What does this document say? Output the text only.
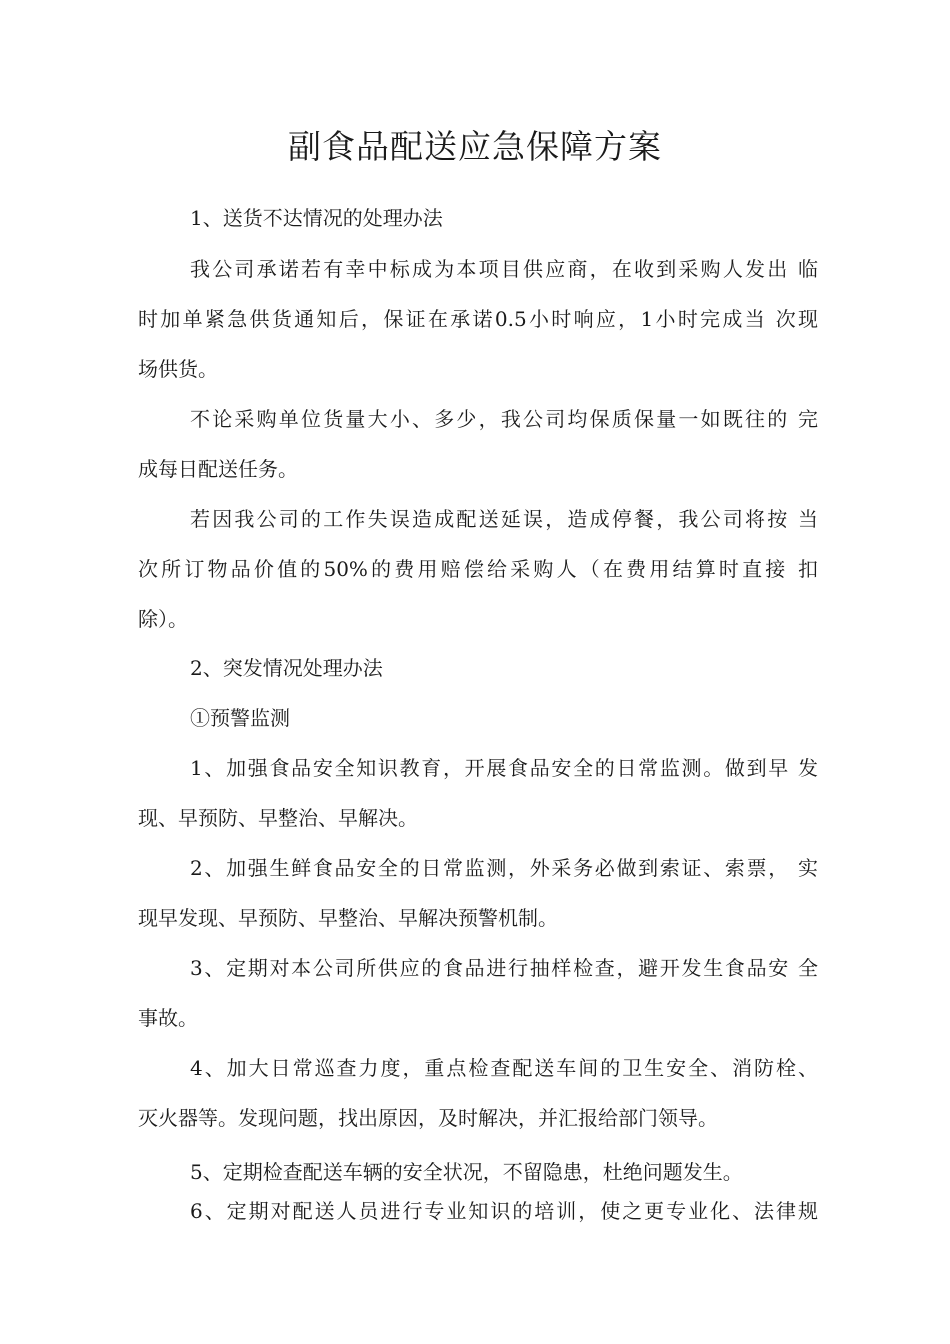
副食品配送应急保障方案
1、送货不达情况的处理办法
我公司承诺若有幸中标成为本项目供应商，在收到采购人发出 临
时加单紧急供货通知后，保证在承诺0.5小时响应，1小时完成当 次现
场供货。
不论采购单位货量大小、多少，我公司均保质保量一如既往的 完
成每日配送任务。
若因我公司的工作失误造成配送延误，造成停餐，我公司将按 当
次所订物品价值的50%的费用赔偿给采购人（在费用结算时直接 扣
除）。
2、突发情况处理办法
①预警监测
1、加强食品安全知识教育，开展食品安全的日常监测。做到早 发
现、早预防、早整治、早解决。
2、加强生鲜食品安全的日常监测，外采务必做到索证、索票， 实
现早发现、早预防、早整治、早解决预警机制。
3、定期对本公司所供应的食品进行抽样检查，避开发生食品安 全
事故。
4、加大日常巡查力度，重点检查配送车间的卫生安全、消防栓、
灭火器等。发现问题，找出原因，及时解决，并汇报给部门领导。
5、定期检查配送车辆的安全状况，不留隐患，杜绝问题发生。
6、定期对配送人员进行专业知识的培训，使之更专业化、法律规
